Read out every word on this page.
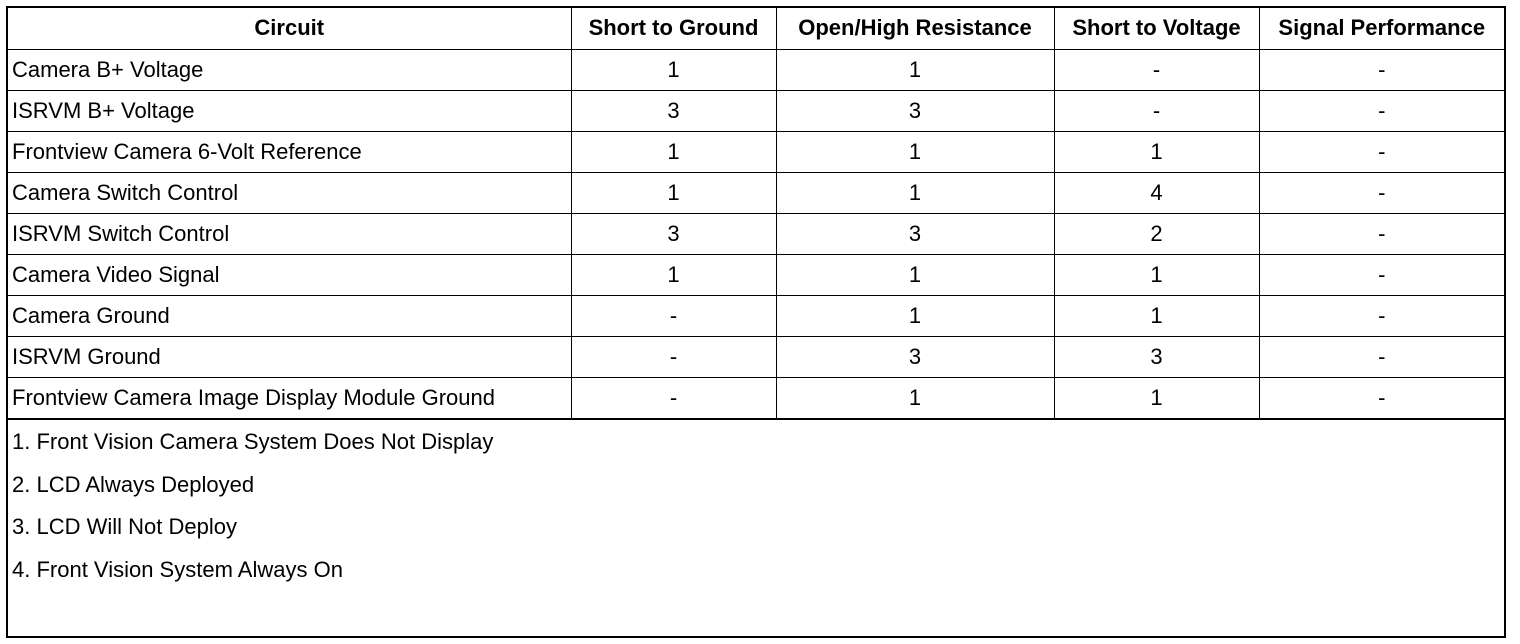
Circuit	Short to Ground	Open/High Resistance	Short to Voltage	Signal Performance
Camera B+ Voltage	1	1	-	-
ISRVM B+ Voltage	3	3	-	-
Frontview Camera 6-Volt Reference	1	1	1	-
Camera Switch Control	1	1	4	-
ISRVM Switch Control	3	3	2	-
Camera Video Signal	1	1	1	-
Camera Ground	-	1	1	-
ISRVM Ground	-	3	3	-
Frontview Camera Image Display Module Ground	-	1	1	-
1. Front Vision Camera System Does Not Display
2. LCD Always Deployed
3. LCD Will Not Deploy
4. Front Vision System Always On
